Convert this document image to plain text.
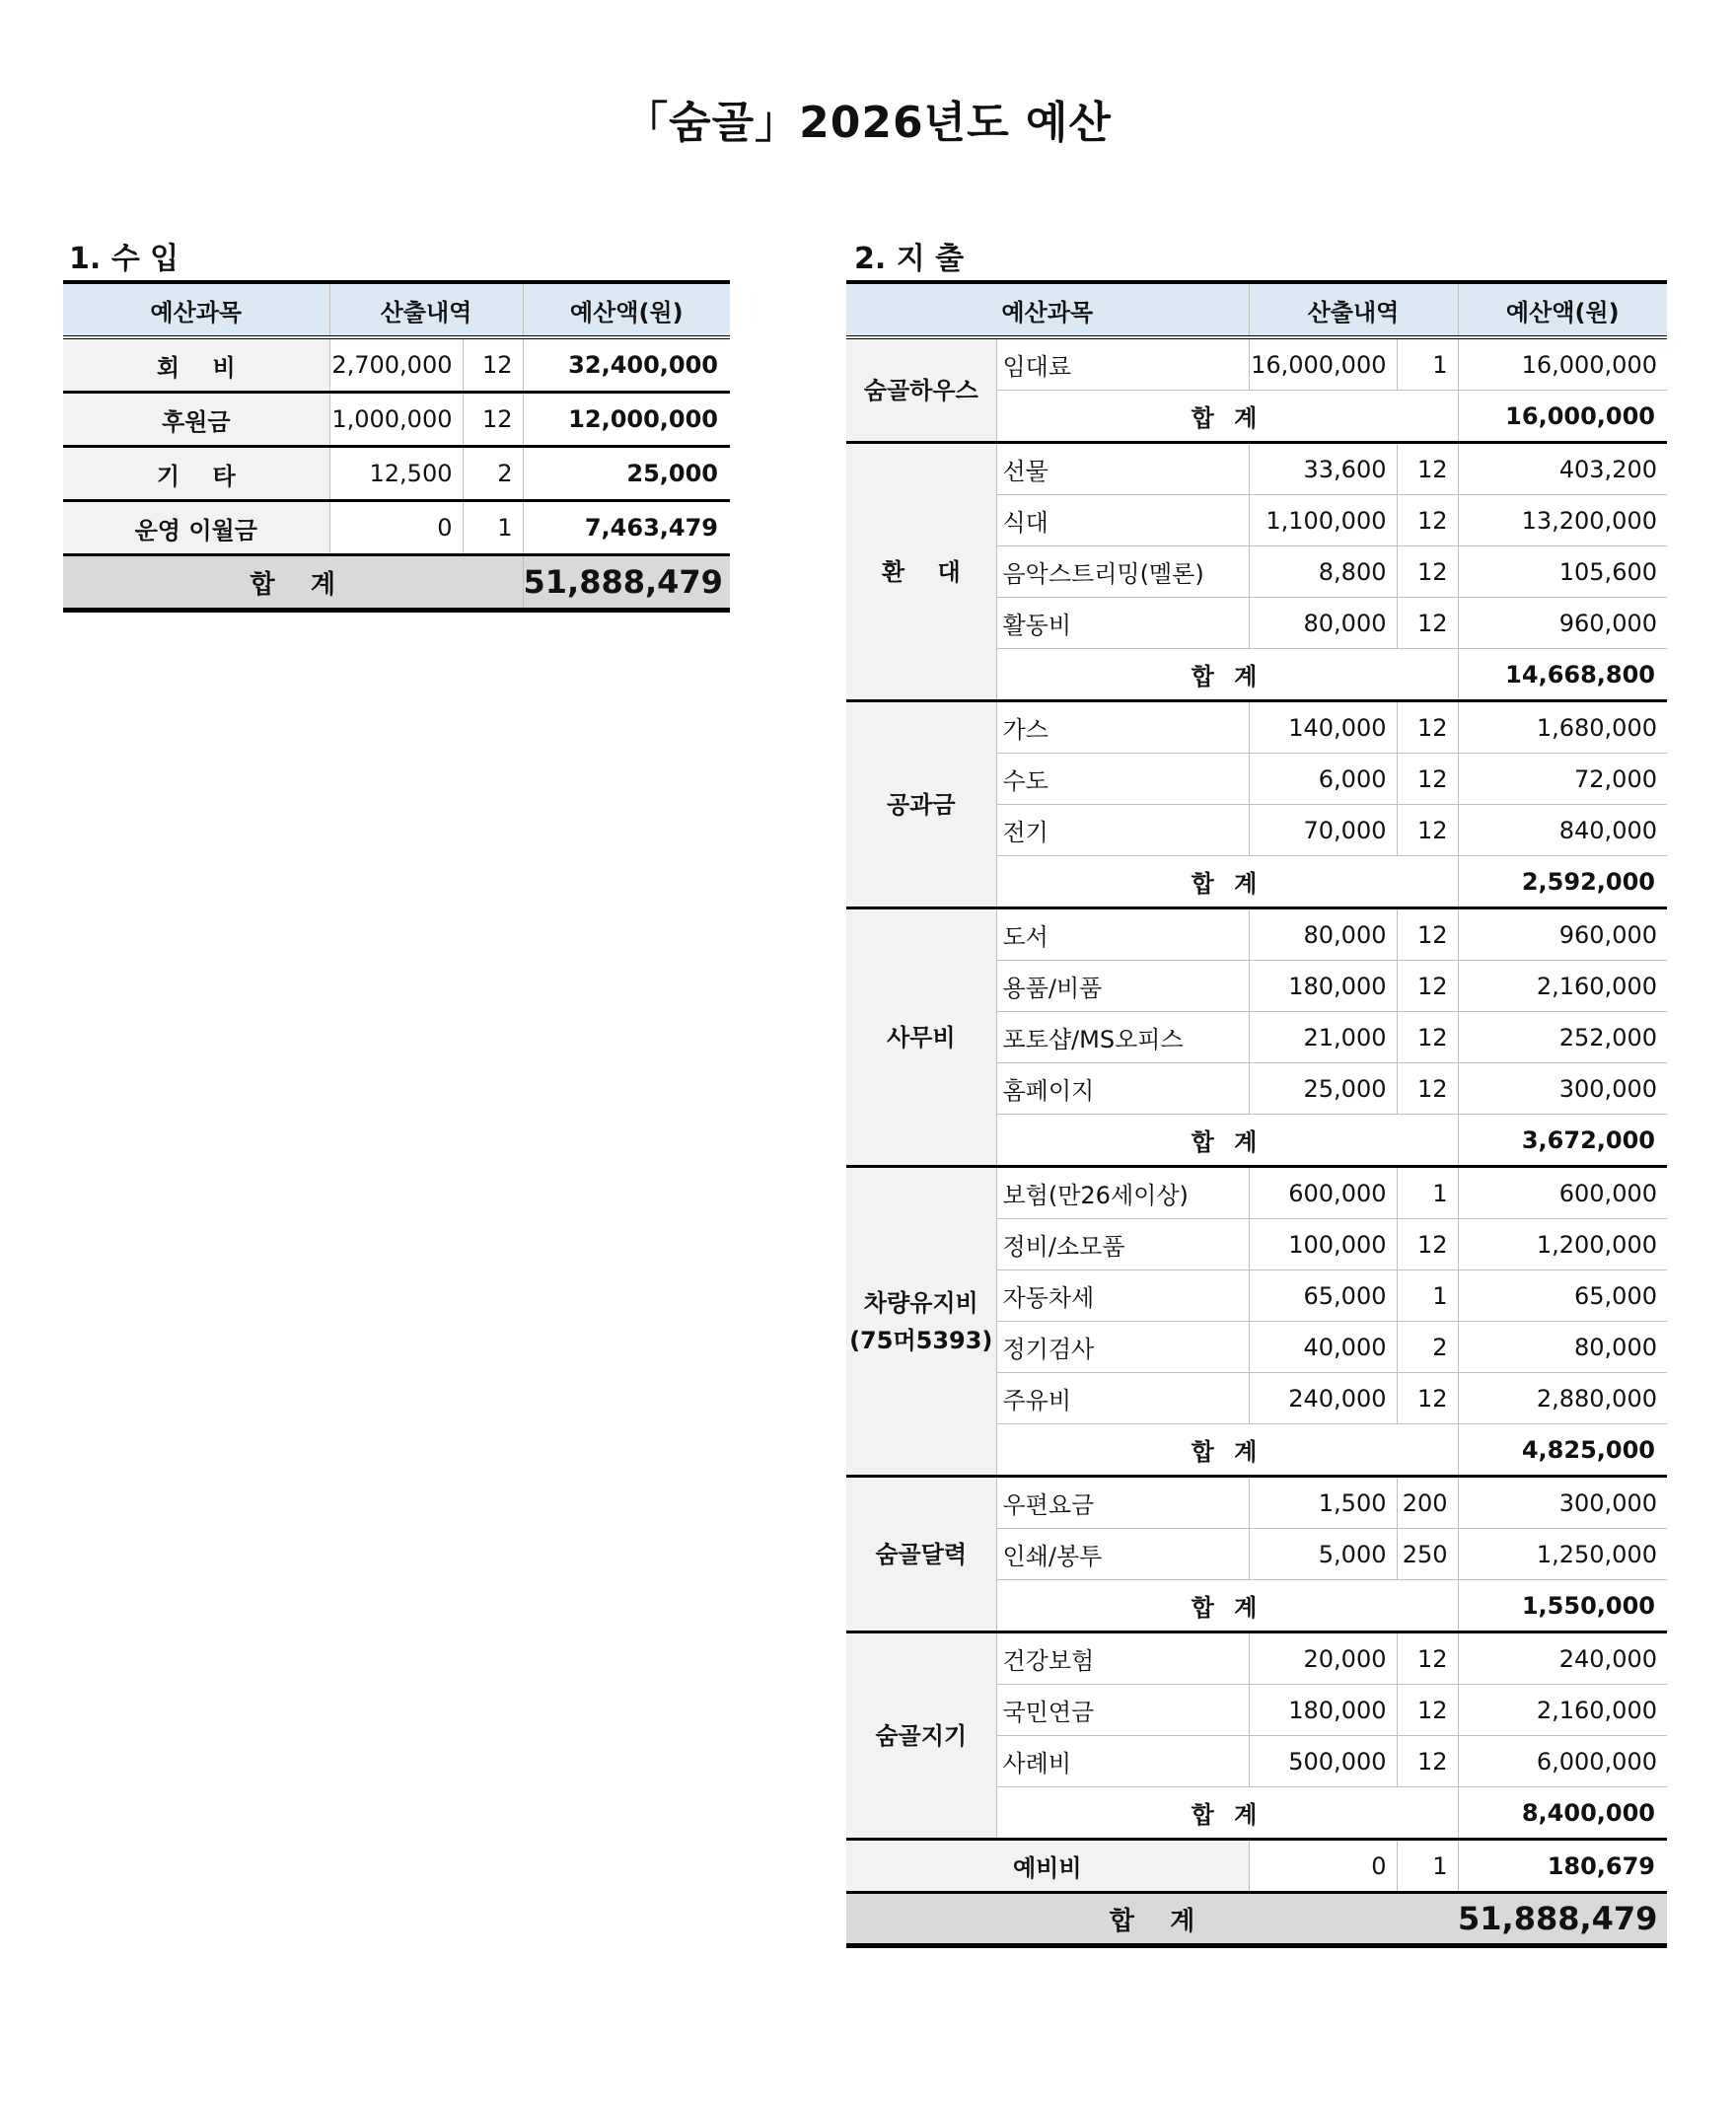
「숨골」2026년도 예산
1. 수 입
예산과목	산출내역		예산액(원)
회    비	2,700,000	12	32,400,000
후원금	1,000,000	12	12,000,000
기    타	12,500	2	25,000
운영 이월금	0	1	7,463,479
합    계			51,888,479
2. 지 출
예산과목		산출내역		예산액(원)

숨골하우스	임대료	16,000,000	1	16,000,000
	합 계			16,000,000

환    대	선물	33,600	12	403,200
	식대	1,100,000	12	13,200,000
	음악스트리밍(멜론)	8,800	12	105,600
	활동비	80,000	12	960,000
	합 계			14,668,800

공과금	가스	140,000	12	1,680,000
	수도	6,000	12	72,000
	전기	70,000	12	840,000
	합 계			2,592,000

사무비	도서	80,000	12	960,000
	용품/비품	180,000	12	2,160,000
	포토샵/MS오피스	21,000	12	252,000
	홈페이지	25,000	12	300,000
	합 계			3,672,000

차량유지비
(75머5393)	보험(만26세이상)	600,000	1	600,000
	정비/소모품	100,000	12	1,200,000
	자동차세	65,000	1	65,000
	정기검사	40,000	2	80,000
	주유비	240,000	12	2,880,000
	합 계			4,825,000

숨골달력	우편요금	1,500	200	300,000
	인쇄/봉투	5,000	250	1,250,000
	합 계			1,550,000

숨골지기	건강보험	20,000	12	240,000
	국민연금	180,000	12	2,160,000
	사례비	500,000	12	6,000,000
	합 계			8,400,000
예비비		0	1	180,679
합    계				51,888,479
